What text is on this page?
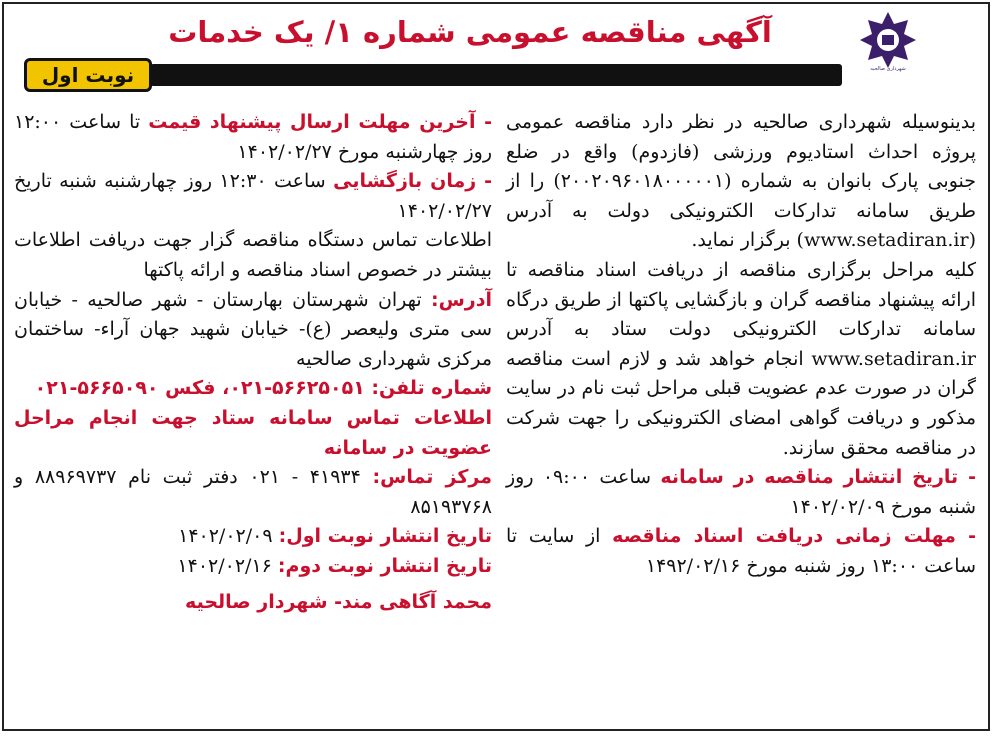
شهرداری صالحیه
آگهی مناقصه عمومی شماره ۱/ یک خدمات
نوبت اول

بدینوسیله شهرداری صالحیه در نظر دارد مناقصه عمومی پروژه احداث استادیوم ورزشی (فازدوم) واقع در ضلع جنوبی پارک بانوان به شماره (۲۰۰۲۰۹۶۰۱۸۰۰۰۰۰۱) را از طریق سامانه تدارکات الکترونیکی دولت به آدرس (www.setadiran.ir) برگزار نماید.

کلیه مراحل برگزاری مناقصه از دریافت اسناد مناقصه تا ارائه پیشنهاد مناقصه گران و بازگشایی پاکتها از طریق درگاه سامانه تدارکات الکترونیکی دولت ستاد به آدرس www.setadiran.ir انجام خواهد شد و لازم است مناقصه گران در صورت عدم عضویت قبلی مراحل ثبت نام در سایت مذکور و دریافت گواهی امضای الکترونیکی را جهت شرکت در مناقصه محقق سازند.

- تاریخ انتشار مناقصه در سامانه ساعت ۰۹:۰۰ روز شنبه مورخ ۱۴۰۲/۰۲/۰۹

- مهلت زمانی دریافت اسناد مناقصه از سایت تا ساعت ۱۳:۰۰ روز شنبه مورخ ۱۴۹۲/۰۲/۱۶

- آخرین مهلت ارسال پیشنهاد قیمت تا ساعت ۱۲:۰۰ روز چهارشنبه مورخ ۱۴۰۲/۰۲/۲۷

- زمان بازگشایی ساعت ۱۲:۳۰ روز چهارشنبه شنبه تاریخ ۱۴۰۲/۰۲/۲۷

اطلاعات تماس دستگاه مناقصه گزار جهت دریافت اطلاعات بیشتر در خصوص اسناد مناقصه و ارائه پاکتها

آدرس: تهران شهرستان بهارستان - شهر صالحیه - خیابان سی متری ولیعصر (ع)- خیابان شهید جهان آراء- ساختمان مرکزی شهرداری صالحیه

شماره تلفن: ۵۶۶۲۵۰۵۱-۰۲۱، فکس ۵۶۶۵۰۹۰-۰۲۱

اطلاعات تماس سامانه ستاد جهت انجام مراحل عضویت در سامانه

مرکز تماس: ۴۱۹۳۴ - ۰۲۱ دفتر ثبت نام ۸۸۹۶۹۷۳۷ و ۸۵۱۹۳۷۶۸

تاریخ انتشار نوبت اول: ۱۴۰۲/۰۲/۰۹

تاریخ انتشار نوبت دوم: ۱۴۰۲/۰۲/۱۶

محمد آگاهی مند- شهردار صالحیه
